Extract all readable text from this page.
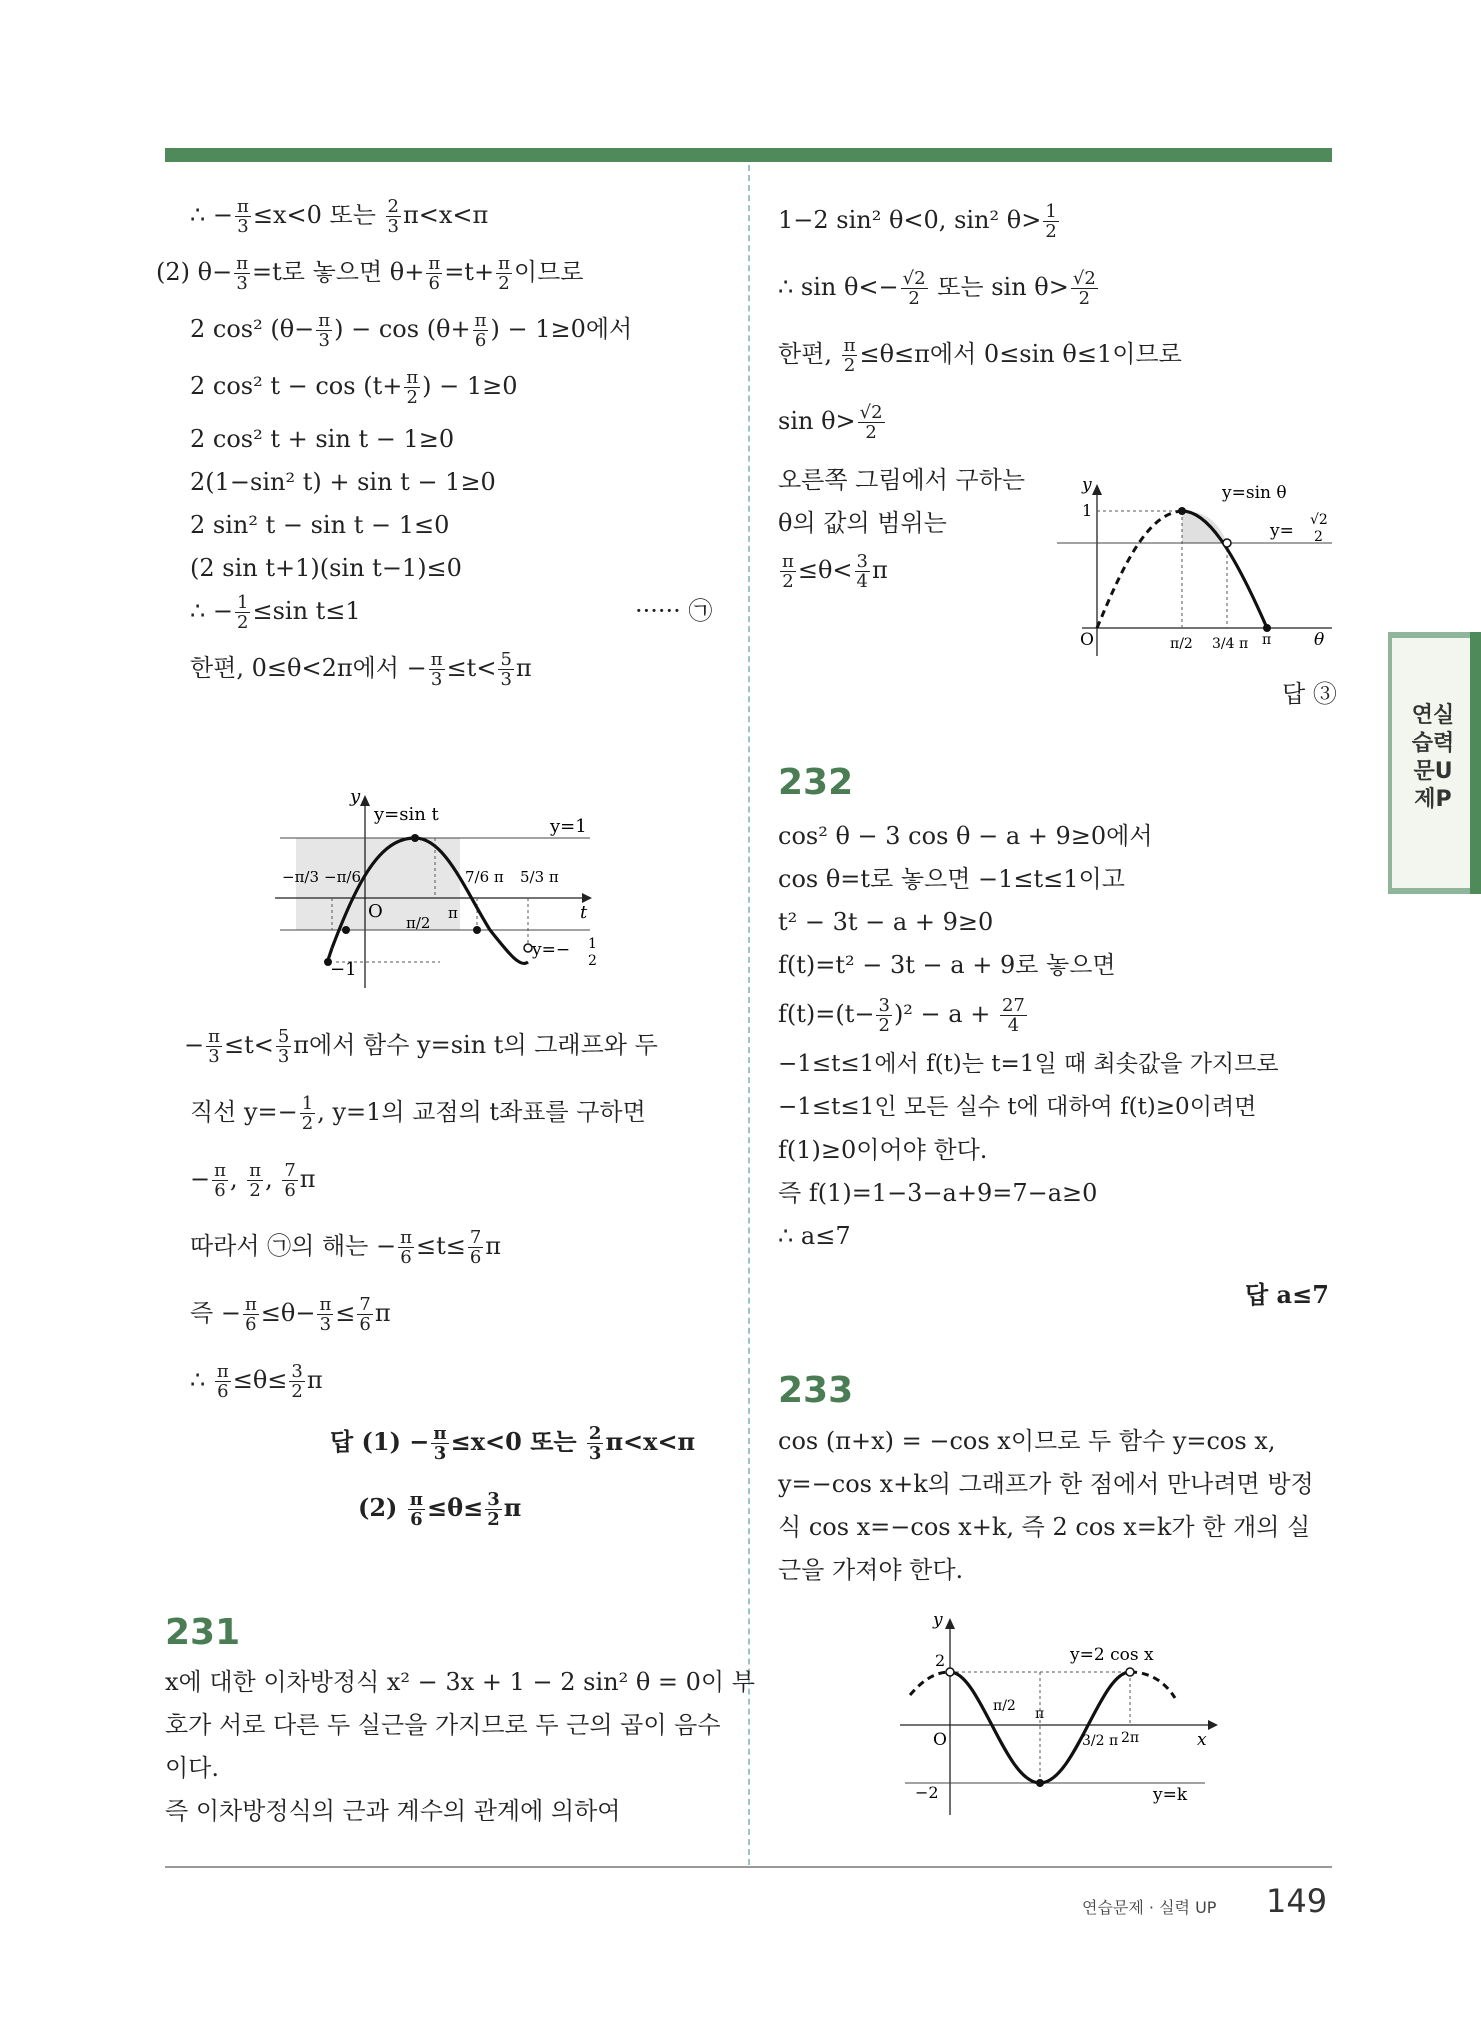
∴ − $\frac{\pi}{3} \le x<0$ 또는 $\frac{2}{3} \pi<x<\pi$
(2) $\theta- \frac{\pi}{3} =t$로 놓으면 $\theta+ \frac{\pi}{6} =t+ \frac{\pi}{2}$ 이므로
2 cos² ($\theta- \frac{\pi}{3}$ ) − $\cos (\theta+ \frac{\pi}{6}$ ) − 1≥0에서
2 cos² $t - \cos (t+ \frac{\pi}{2}$ ) − 1≥0
2 cos² t + sin t − 1≥0
2(1−sin² t) + sin t − 1≥0
2 sin² t − sin t − 1≤0
(2 sin t+1)(sin t−1)≤0
∴ − $\frac{1}{2} \le\sin$ t≤1	······ ㉠
한편, 0≤θ<2π에서 − $\frac{\pi}{3} \le t< \frac{5}{3}$ π
y
y=sin t
y=1
t
O
−1
−π/3 −π/6
π/2
π
7/6 π 5/3 π
y=− 1
2
− $\frac{\pi}{3} \le t< \frac{5}{3}$ π에서 함수 y=sin t의 그래프와 두
직선 $y=- \frac{1}{2}$ , y=1의 교점의 t좌표를 구하면
− $\frac{\pi}{6}$ , $\frac{\pi}{2}$ , $\frac{7}{6}$ π
따라서 ㉠의 해는 − $\frac{\pi}{6} \le t\le \frac{7}{6}$ π
즉 − $\frac{\pi}{6} \le\theta- \frac{\pi}{3} \le \frac{7}{6}$ π
∴ $\frac{\pi}{6} \le\theta\le \frac{3}{2}$ π
답 $(1) - \frac{\pi}{3} \le x<0$ 또는 $\frac{2}{3} \pi<x<\pi$
$(2) \frac{\pi}{6} \le\theta\le \frac{3}{2}$ π
231
x에 대한 이차방정식 x² − 3x + 1 − 2 sin² θ = 0이 부
호가 서로 다른 두 실근을 가지므로 두 근의 곱이 음수
이다.
즉 이차방정식의 근과 계수의 관계에 의하여
1−2 sin² θ<0, sin² $\theta> \frac{1}{2}$
∴ $\sin \theta<- \frac{√2}{2}$ 또는 $\sin \theta> \frac{√2}{2}$
한편, $\frac{\pi}{2} \le\theta\le\pi$에서 0≤sin θ≤1이므로
$\sin \theta> \frac{√2}{2}$
오른쪽 그림에서 구하는
θ의 값의 범위는
$\frac{\pi}{2} \le\theta< \frac{3}{4}$ π
y
1
y=sin θ
y=
√2
2
O	θ
π/2 3/4 π π
답 ③
232
cos² θ − 3 cos θ − a + 9≥0에서
cos θ=t로 놓으면 −1≤t≤1이고
t² − 3t − a + 9≥0
f(t)=t² − 3t − a + 9로 놓으면
$f(t)=(t- \frac{3}{2} )^2 - a + \frac{27}{4}$
−1≤t≤1에서 f(t)는 t=1일 때 최솟값을 가지므로
−1≤t≤1인 모든 실수 t에 대하여 f(t)≥0이려면
f(1)≥0이어야 한다.
즉 f(1)=1−3−a+9=7−a≥0
∴ a≤7
답 a≤7
233
cos (π+x) = −cos x이므로 두 함수 y=cos x,
y=−cos x+k의 그래프가 한 점에서 만나려면 방정
식 cos x=−cos x+k, 즉 2 cos x=k가 한 개의 실
근을 가져야 한다.
y
2	y=2 cos x
O	x
−2	y=k
π/2 π
3/2 π 2π
연실
습력
문U
제P
연습문제 · 실력 UP 149
